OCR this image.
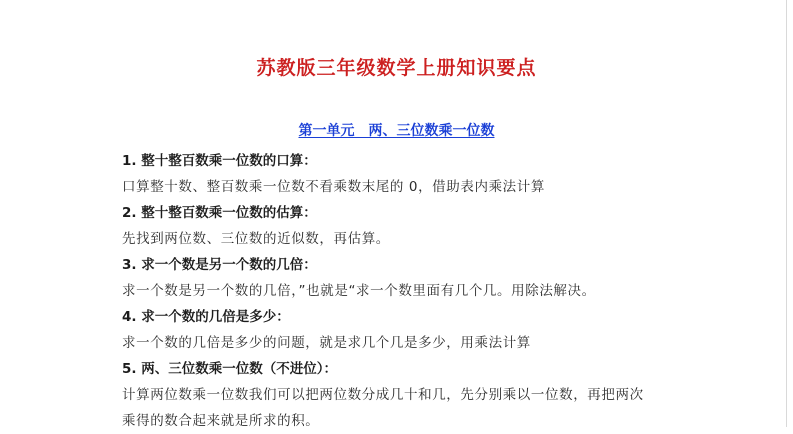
苏教版三年级数学上册知识要点
第一单元　两、三位数乘一位数
1. 整十整百数乘一位数的口算：
口算整十数、整百数乘一位数不看乘数末尾的 0，借助表内乘法计算
2. 整十整百数乘一位数的估算：
先找到两位数、三位数的近似数，再估算。
3. 求一个数是另一个数的几倍：
求一个数是另一个数的几倍，”也就是“求一个数里面有几个几。用除法解决。
4. 求一个数的几倍是多少：
求一个数的几倍是多少的问题，就是求几个几是多少，用乘法计算
5. 两、三位数乘一位数（不进位）：
计算两位数乘一位数我们可以把两位数分成几十和几，先分别乘以一位数，再把两次
乘得的数合起来就是所求的积。
